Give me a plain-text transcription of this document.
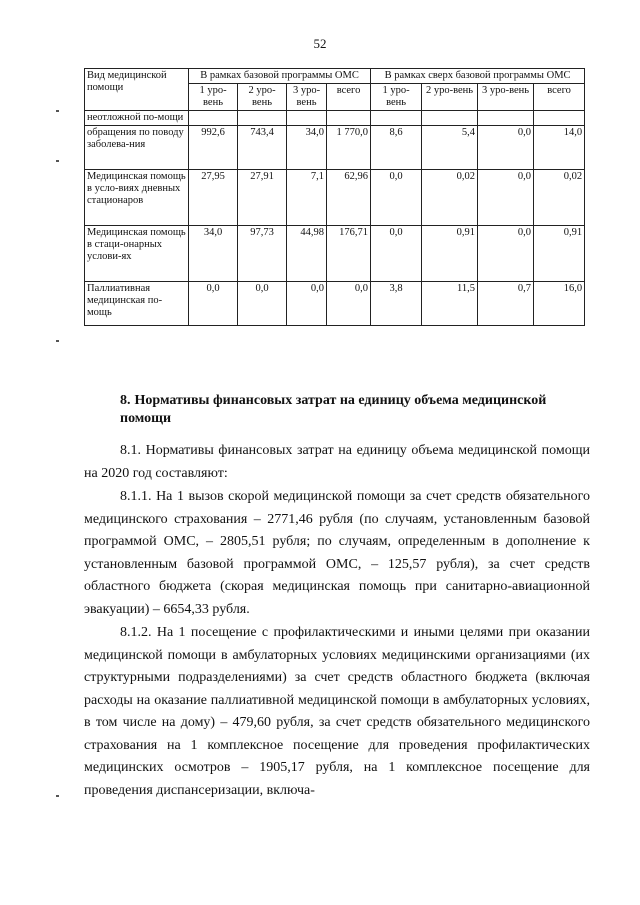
52
Вид медицинской помощи	В рамках базовой программы ОМС				В рамках сверх базовой программы ОМС			
	1 уро-вень	2 уро-вень	3 уро-вень	всего	1 уро-вень	2 уро-вень	3 уро-вень	всего
неотложной по-мощи								
обращения по поводу заболева-ния	992,6	743,4	34,0	1 770,0	8,6	5,4	0,0	14,0
Медицинская помощь в усло-виях дневных стационаров	27,95	27,91	7,1	62,96	0,0	0,02	0,0	0,02
Медицинская помощь в стаци-онарных услови-ях	34,0	97,73	44,98	176,71	0,0	0,91	0,0	0,91
Паллиативная медицинская по-мощь	0,0	0,0	0,0	0,0	3,8	11,5	0,7	16,0
8. Нормативы финансовых затрат на единицу объема медицинской помощи

8.1. Нормативы финансовых затрат на единицу объема медицинской помощи на 2020 год составляют:

8.1.1. На 1 вызов скорой медицинской помощи за счет средств обязательного медицинского страхования – 2771,46 рубля (по случаям, установленным базовой программой ОМС, – 2805,51 рубля; по случаям, определенным в дополнение к установленным базовой программой ОМС, – 125,57 рубля), за счет средств областного бюджета (скорая медицинская помощь при санитарно-авиационной эвакуации) – 6654,33 рубля.

8.1.2. На 1 посещение с профилактическими и иными целями при оказании медицинской помощи в амбулаторных условиях медицинскими организациями (их структурными подразделениями) за счет средств областного бюджета (включая расходы на оказание паллиативной медицинской помощи в амбулаторных условиях, в том числе на дому) – 479,60 рубля, за счет средств обязательного медицинского страхования на 1 комплексное посещение для проведения профилактических медицинских осмотров – 1905,17 рубля, на 1 комплексное посещение для проведения диспансеризации, включа-
